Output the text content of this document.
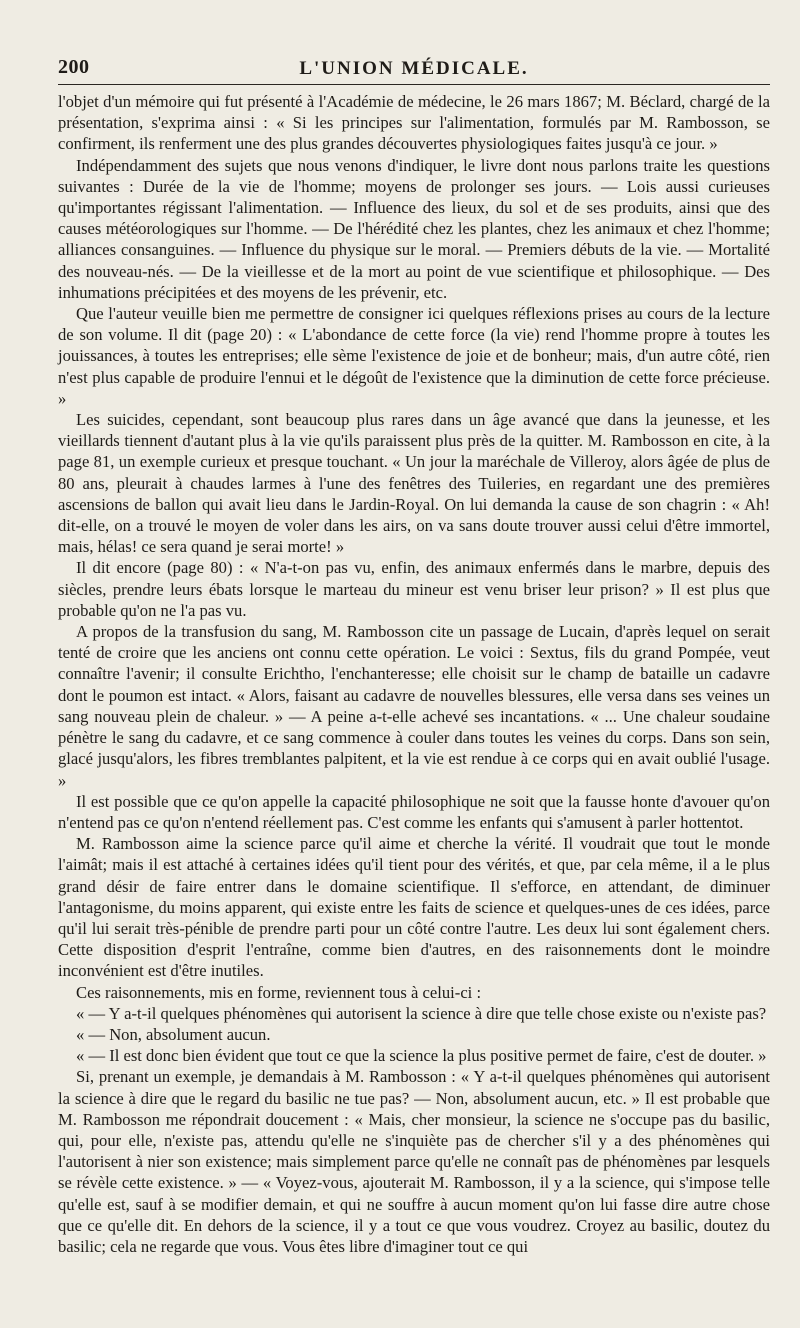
200	L'UNION MÉDICALE.

l'objet d'un mémoire qui fut présenté à l'Académie de médecine, le 26 mars 1867; M. Béclard, chargé de la présentation, s'exprima ainsi : « Si les principes sur l'alimentation, formulés par M. Rambosson, se confirment, ils renferment une des plus grandes découvertes physiologiques faites jusqu'à ce jour. »

Indépendamment des sujets que nous venons d'indiquer, le livre dont nous parlons traite les questions suivantes : Durée de la vie de l'homme; moyens de prolonger ses jours. — Lois aussi curieuses qu'importantes régissant l'alimentation. — Influence des lieux, du sol et de ses produits, ainsi que des causes météorologiques sur l'homme. — De l'hérédité chez les plantes, chez les animaux et chez l'homme; alliances consanguines. — Influence du physique sur le moral. — Premiers débuts de la vie. — Mortalité des nouveau-nés. — De la vieillesse et de la mort au point de vue scientifique et philosophique. — Des inhumations précipitées et des moyens de les prévenir, etc.

Que l'auteur veuille bien me permettre de consigner ici quelques réflexions prises au cours de la lecture de son volume. Il dit (page 20) : « L'abondance de cette force (la vie) rend l'homme propre à toutes les jouissances, à toutes les entreprises; elle sème l'existence de joie et de bonheur; mais, d'un autre côté, rien n'est plus capable de produire l'ennui et le dégoût de l'existence que la diminution de cette force précieuse. »

Les suicides, cependant, sont beaucoup plus rares dans un âge avancé que dans la jeunesse, et les vieillards tiennent d'autant plus à la vie qu'ils paraissent plus près de la quitter. M. Rambosson en cite, à la page 81, un exemple curieux et presque touchant. « Un jour la maréchale de Villeroy, alors âgée de plus de 80 ans, pleurait à chaudes larmes à l'une des fenêtres des Tuileries, en regardant une des premières ascensions de ballon qui avait lieu dans le Jardin-Royal. On lui demanda la cause de son chagrin : « Ah! dit-elle, on a trouvé le moyen de voler dans les airs, on va sans doute trouver aussi celui d'être immortel, mais, hélas! ce sera quand je serai morte! »

Il dit encore (page 80) : « N'a-t-on pas vu, enfin, des animaux enfermés dans le marbre, depuis des siècles, prendre leurs ébats lorsque le marteau du mineur est venu briser leur prison? » Il est plus que probable qu'on ne l'a pas vu.

A propos de la transfusion du sang, M. Rambosson cite un passage de Lucain, d'après lequel on serait tenté de croire que les anciens ont connu cette opération. Le voici : Sextus, fils du grand Pompée, veut connaître l'avenir; il consulte Erichtho, l'enchanteresse; elle choisit sur le champ de bataille un cadavre dont le poumon est intact. « Alors, faisant au cadavre de nouvelles blessures, elle versa dans ses veines un sang nouveau plein de chaleur. » — A peine a-t-elle achevé ses incantations. « ... Une chaleur soudaine pénètre le sang du cadavre, et ce sang commence à couler dans toutes les veines du corps. Dans son sein, glacé jusqu'alors, les fibres tremblantes palpitent, et la vie est rendue à ce corps qui en avait oublié l'usage. »

Il est possible que ce qu'on appelle la capacité philosophique ne soit que la fausse honte d'avouer qu'on n'entend pas ce qu'on n'entend réellement pas. C'est comme les enfants qui s'amusent à parler hottentot.

M. Rambosson aime la science parce qu'il aime et cherche la vérité. Il voudrait que tout le monde l'aimât; mais il est attaché à certaines idées qu'il tient pour des vérités, et que, par cela même, il a le plus grand désir de faire entrer dans le domaine scientifique. Il s'efforce, en attendant, de diminuer l'antagonisme, du moins apparent, qui existe entre les faits de science et quelques-unes de ces idées, parce qu'il lui serait très-pénible de prendre parti pour un côté contre l'autre. Les deux lui sont également chers. Cette disposition d'esprit l'entraîne, comme bien d'autres, en des raisonnements dont le moindre inconvénient est d'être inutiles.

Ces raisonnements, mis en forme, reviennent tous à celui-ci :

« — Y a-t-il quelques phénomènes qui autorisent la science à dire que telle chose existe ou n'existe pas?

« — Non, absolument aucun.

« — Il est donc bien évident que tout ce que la science la plus positive permet de faire, c'est de douter. »

Si, prenant un exemple, je demandais à M. Rambosson : « Y a-t-il quelques phénomènes qui autorisent la science à dire que le regard du basilic ne tue pas? — Non, absolument aucun, etc. » Il est probable que M. Rambosson me répondrait doucement : « Mais, cher monsieur, la science ne s'occupe pas du basilic, qui, pour elle, n'existe pas, attendu qu'elle ne s'inquiète pas de chercher s'il y a des phénomènes qui l'autorisent à nier son existence; mais simplement parce qu'elle ne connaît pas de phénomènes par lesquels se révèle cette existence. » — « Voyez-vous, ajouterait M. Rambosson, il y a la science, qui s'impose telle qu'elle est, sauf à se modifier demain, et qui ne souffre à aucun moment qu'on lui fasse dire autre chose que ce qu'elle dit. En dehors de la science, il y a tout ce que vous voudrez. Croyez au basilic, doutez du basilic; cela ne regarde que vous. Vous êtes libre d'imaginer tout ce qui
